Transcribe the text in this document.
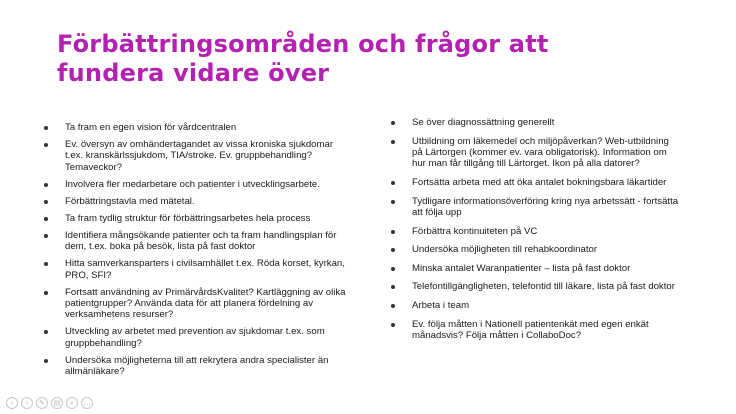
Förbättringsområden och frågor att fundera vidare över
Ta fram en egen vision för vårdcentralen
Ev. översyn av omhändertagandet av vissa kroniska sjukdomar t.ex. kranskärlssjukdom, TIA/stroke. Ev. gruppbehandling? Temaveckor?
Involvera fler medarbetare och patienter i utvecklingsarbete.
Förbättringstavla med mätetal.
Ta fram tydlig struktur för förbättringsarbetes hela process
Identifiera mångsökande patienter och ta fram handlingsplan för dem, t.ex. boka på besök, lista på fast doktor
Hitta samverkansparters i civilsamhället t.ex. Röda korset, kyrkan, PRO, SFI?
Fortsatt användning av PrimärvårdsKvalitet? Kartläggning av olika patientgrupper? Använda data för att planera fördelning av verksamhetens resurser?
Utveckling av arbetet med prevention av sjukdomar t.ex. som gruppbehandling?
Undersöka möjligheterna till att rekrytera andra specialister än allmänläkare?
Se över diagnossättning generellt
Utbildning om läkemedel och miljöpåverkan? Web-utbildning på Lärtorgen (kommer ev. vara obligatorisk). Information om hur man får tillgång till Lärtorget. Ikon på alla datorer?
Fortsätta arbeta med att öka antalet bokningsbara läkartider
Tydligare informationsöverföring kring nya arbetssätt - fortsätta att följa upp
Förbättra kontinuiteten på VC
Undersöka möjligheten till rehabkoordinator
Minska antalet Waranpatienter – lista på fast doktor
Telefontillgängligheten, telefontid till läkare, lista på fast doktor
Arbeta i team
Ev. följa måtten i Nationell patientenkät med egen enkät månadsvis? Följa måtten i CollaboDoc?
‹	›	✎	▤	⌕	…
